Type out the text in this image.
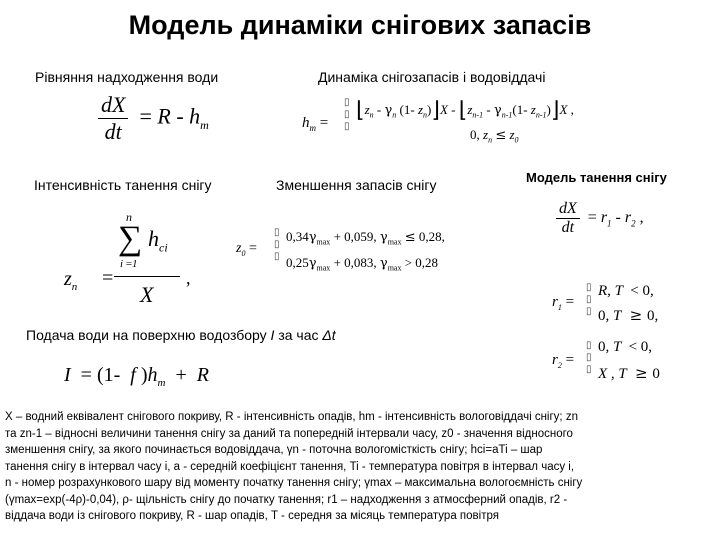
Модель динаміки снігових запасів
Рівняння надходження води	Динаміка снігозапасів і водовіддачі
Інтенсивність танення снігу	Зменшення запасів снігу	Модель танення снігу
Подача води на поверхню водозбору I за час Δt
$\frac{dX}{dt} = R - h_m$	$h_m$ =
▯
▯
▯
$⌊z_n - \gamma_n$ (1- $z_n)⌋X$ - $⌊z_{n-1} - \gamma_{n-1}(1-$ $z_{n-1})⌋X$ ,
0, $z_n \le z_0$
n
∑ $h_{ci}$
i =1
X
$z_n$ =	,
$z_0$ =
▯
▯
▯
$0,34\gamma_{max} + 0,059$, $\gamma_{max} \le 0,28$,
$0,25\gamma_{max} + 0,083$, $\gamma_{max} > 0,28$
$\frac{dX}{dt} = r_1 - r_2$ ,
$r_1$ =
▯
▯
▯
R, T  < 0,
0, T  ≥ 0,
$r_2$ =
▯
▯
▯
0, T  < 0,
X , T  ≥ 0
I  = (1-  f )$h_m + R$
X – водний еквівалент снігового покриву, R - інтенсивність опадів, hm - інтенсивність вологовіддачі снігу; zn
та zn-1 – відносні величини танення снігу за даний та попередній інтервали часу, z0 - значення відносного
зменшення снігу, за якого починається водовіддача, γn - поточна вологоміcткість снігу; hci=aTi – шар
танення снігу в інтервал часу i, a - середній коефіцієнт танення, Ti - температура повітря в інтервал часу i,
n - номер розрахункового шару від моменту початку танення снігу; γmax – максимальна вологоємність снігу
(γmax=exp(-4ρ)-0,04), ρ- щільність снігу до початку танення; r1 – надходження з атмосферний опадів, r2 -
віддача води із снігового покриву, R - шар опадів, T - середня за місяць температура повітря
